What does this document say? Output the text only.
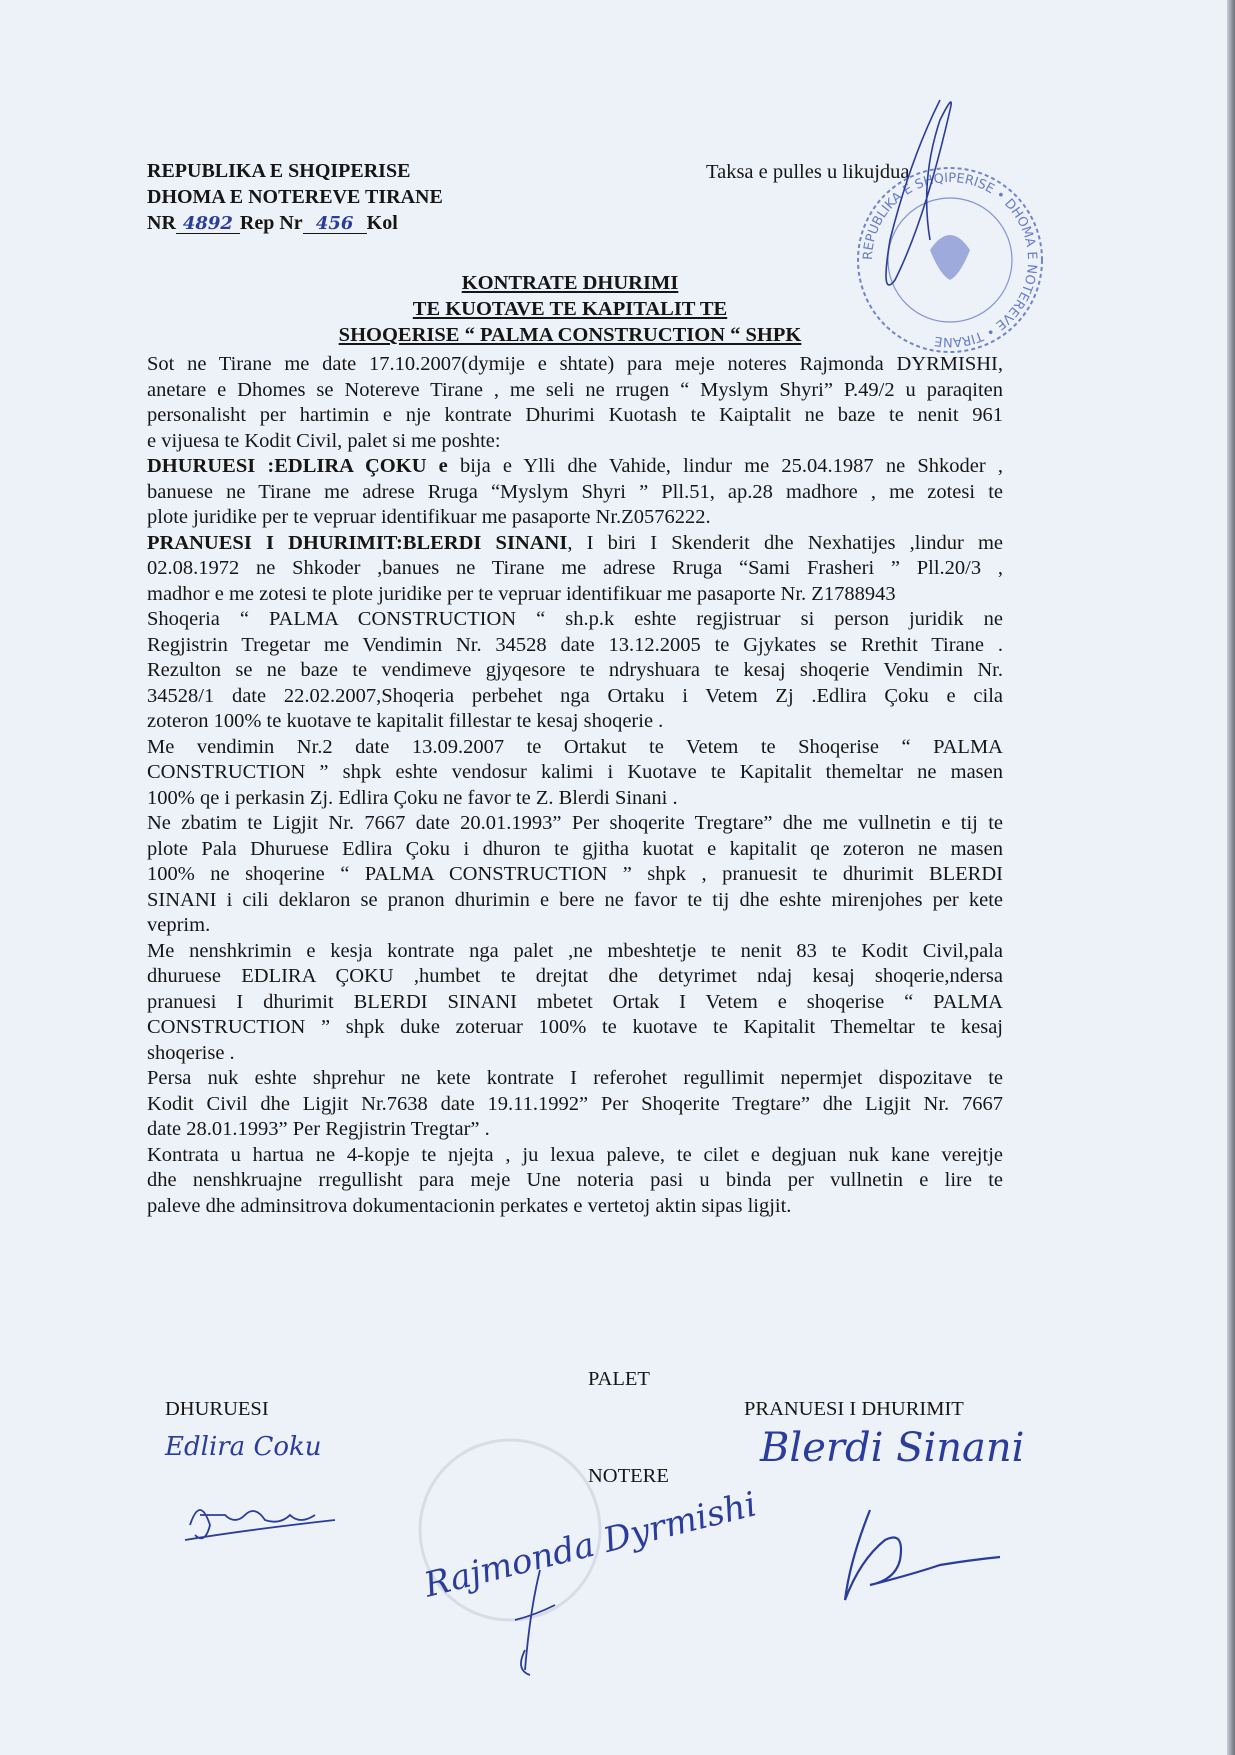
REPUBLIKA E SHQIPERISE
DHOMA E NOTEREVE TIRANE
NR 4892 Rep Nr 456 Kol
Taksa e pulles u likujdua
REPUBLIKA E SHQIPERISE • DHOMA E NOTEREVE • TIRANE
KONTRATE DHURIMI
TE KUOTAVE TE KAPITALIT TE
SHOQERISE “ PALMA CONSTRUCTION “ SHPK
Sot ne Tirane me date 17.10.2007(dymije e shtate) para meje noteres Rajmonda DYRMISHI,
anetare e Dhomes se Notereve Tirane , me seli ne rrugen “ Myslym Shyri” P.49/2 u paraqiten
personalisht per hartimin e nje kontrate Dhurimi Kuotash te Kaiptalit ne baze te nenit 961
e vijuesa te Kodit Civil, palet si me poshte:
DHURUESI :EDLIRA ÇOKU e bija e Ylli dhe Vahide, lindur me 25.04.1987 ne Shkoder ,
banuese ne Tirane me adrese Rruga “Myslym Shyri ” Pll.51, ap.28 madhore , me zotesi te
plote juridike per te vepruar identifikuar me pasaporte Nr.Z0576222.
PRANUESI I DHURIMIT:BLERDI SINANI, I biri I Skenderit dhe Nexhatijes ,lindur me
02.08.1972 ne Shkoder ,banues ne Tirane me adrese Rruga “Sami Frasheri ” Pll.20/3 ,
madhor e me zotesi te plote juridike per te vepruar identifikuar me pasaporte Nr. Z1788943
Shoqeria “ PALMA CONSTRUCTION “ sh.p.k eshte regjistruar si person juridik ne
Regjistrin Tregetar me Vendimin Nr. 34528 date 13.12.2005 te Gjykates se Rrethit Tirane .
Rezulton se ne baze te vendimeve gjyqesore te ndryshuara te kesaj shoqerie Vendimin Nr.
34528/1 date 22.02.2007,Shoqeria perbehet nga Ortaku i Vetem Zj .Edlira Çoku e cila
zoteron 100% te kuotave te kapitalit fillestar te kesaj shoqerie .
Me vendimin Nr.2 date 13.09.2007 te Ortakut te Vetem te Shoqerise “ PALMA
CONSTRUCTION ” shpk eshte vendosur kalimi i Kuotave te Kapitalit themeltar ne masen
100% qe i perkasin Zj. Edlira Çoku ne favor te Z. Blerdi Sinani .
Ne zbatim te Ligjit Nr. 7667 date 20.01.1993” Per shoqerite Tregtare” dhe me vullnetin e tij te
plote Pala Dhuruese Edlira Çoku i dhuron te gjitha kuotat e kapitalit qe zoteron ne masen
100% ne shoqerine “ PALMA CONSTRUCTION ” shpk , pranuesit te dhurimit BLERDI
SINANI i cili deklaron se pranon dhurimin e bere ne favor te tij dhe eshte mirenjohes per kete
veprim.
Me nenshkrimin e kesja kontrate nga palet ,ne mbeshtetje te nenit 83 te Kodit Civil,pala
dhuruese EDLIRA ÇOKU ,humbet te drejtat dhe detyrimet ndaj kesaj shoqerie,ndersa
pranuesi I dhurimit BLERDI SINANI mbetet Ortak I Vetem e shoqerise “ PALMA
CONSTRUCTION ” shpk duke zoteruar 100% te kuotave te Kapitalit Themeltar te kesaj
shoqerise .
Persa nuk eshte shprehur ne kete kontrate I referohet regullimit nepermjet dispozitave te
Kodit Civil dhe Ligjit Nr.7638 date 19.11.1992” Per Shoqerite Tregtare” dhe Ligjit Nr. 7667
date 28.01.1993” Per Regjistrin Tregtar” .
Kontrata u hartua ne 4-kopje te njejta , ju lexua paleve, te cilet e degjuan nuk kane verejtje
dhe nenshkruajne rregullisht para meje Une noteria pasi u binda per vullnetin e lire te
paleve dhe adminsitrova dokumentacionin perkates e vertetoj aktin sipas ligjit.
PALET
DHURUESI	PRANUESI I DHURIMIT
NOTERE
Edlira Coku	Blerdi Sinani
Rajmonda Dyrmishi
